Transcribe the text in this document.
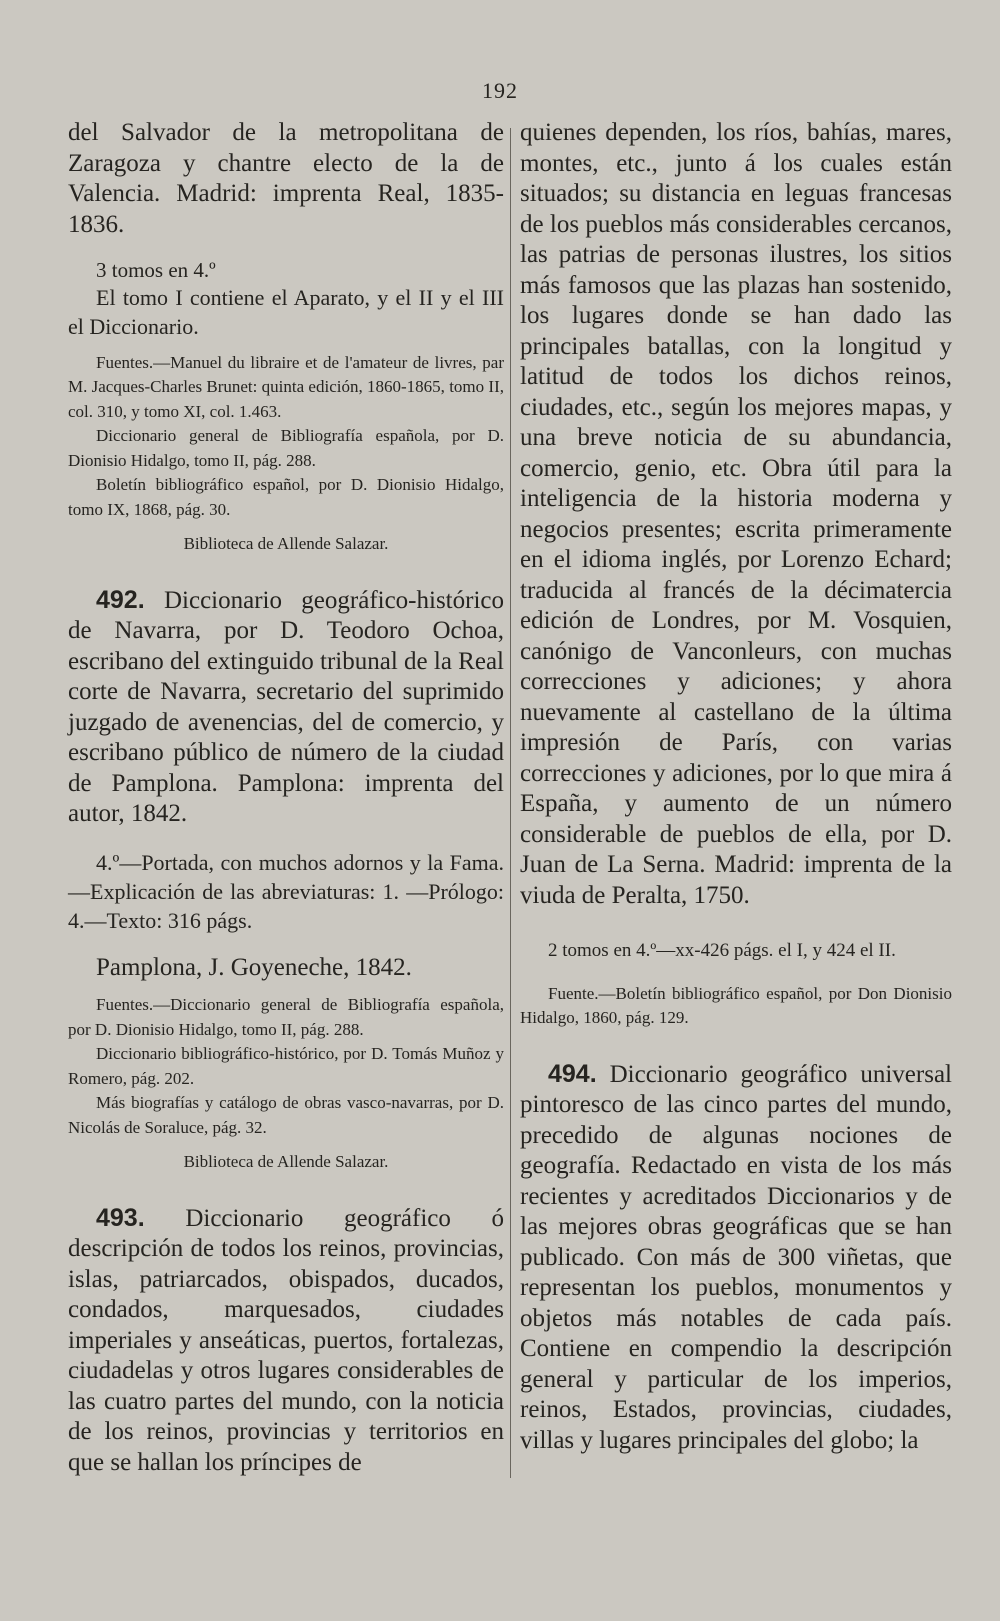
192

del Salvador de la metropolitana de Zaragoza y chantre electo de la de Valencia. Madrid: imprenta Real, 1835-1836.

3 tomos en 4.º

El tomo I contiene el Aparato, y el II y el III el Diccionario.

Fuentes.—Manuel du libraire et de l'amateur de livres, par M. Jacques-Charles Brunet: quinta edición, 1860-1865, tomo II, col. 310, y tomo XI, col. 1.463.

Diccionario general de Bibliografía española, por D. Dionisio Hidalgo, tomo II, pág. 288.

Boletín bibliográfico español, por D. Dionisio Hidalgo, tomo IX, 1868, pág. 30.

Biblioteca de Allende Salazar.

492. Diccionario geográfico-histórico de Navarra, por D. Teodoro Ochoa, escribano del extinguido tribunal de la Real corte de Navarra, secretario del suprimido juzgado de avenencias, del de comercio, y escribano público de número de la ciudad de Pamplona. Pamplona: imprenta del autor, 1842.

4.º—Portada, con muchos adornos y la Fama.—Explicación de las abreviaturas: 1. —Prólogo: 4.—Texto: 316 págs.

Pamplona, J. Goyeneche, 1842.

Fuentes.—Diccionario general de Bibliografía española, por D. Dionisio Hidalgo, tomo II, pág. 288.

Diccionario bibliográfico-histórico, por D. Tomás Muñoz y Romero, pág. 202.

Más biografías y catálogo de obras vasco-navarras, por D. Nicolás de Soraluce, pág. 32.

Biblioteca de Allende Salazar.

493. Diccionario geográfico ó descripción de todos los reinos, provincias, islas, patriarcados, obispados, ducados, condados, marquesados, ciudades imperiales y anseáticas, puertos, fortalezas, ciudadelas y otros lugares considerables de las cuatro partes del mundo, con la noticia de los reinos, provincias y territorios en que se hallan los príncipes de

quienes dependen, los ríos, bahías, mares, montes, etc., junto á los cuales están situados; su distancia en leguas francesas de los pueblos más considerables cercanos, las patrias de personas ilustres, los sitios más famosos que las plazas han sostenido, los lugares donde se han dado las principales batallas, con la longitud y latitud de todos los dichos reinos, ciudades, etc., según los mejores mapas, y una breve noticia de su abundancia, comercio, genio, etc. Obra útil para la inteligencia de la historia moderna y negocios presentes; escrita primeramente en el idioma inglés, por Lorenzo Echard; traducida al francés de la décimatercia edición de Londres, por M. Vosquien, canónigo de Vanconleurs, con muchas correcciones y adiciones; y ahora nuevamente al castellano de la última impresión de París, con varias correcciones y adiciones, por lo que mira á España, y aumento de un número considerable de pueblos de ella, por D. Juan de La Serna. Madrid: imprenta de la viuda de Peralta, 1750.

2 tomos en 4.º—xx-426 págs. el I, y 424 el II.

Fuente.—Boletín bibliográfico español, por Don Dionisio Hidalgo, 1860, pág. 129.

494. Diccionario geográfico universal pintoresco de las cinco partes del mundo, precedido de algunas nociones de geografía. Redactado en vista de los más recientes y acreditados Diccionarios y de las mejores obras geográficas que se han publicado. Con más de 300 viñetas, que representan los pueblos, monumentos y objetos más notables de cada país. Contiene en compendio la descripción general y particular de los imperios, reinos, Estados, provincias, ciudades, villas y lugares principales del globo; la
